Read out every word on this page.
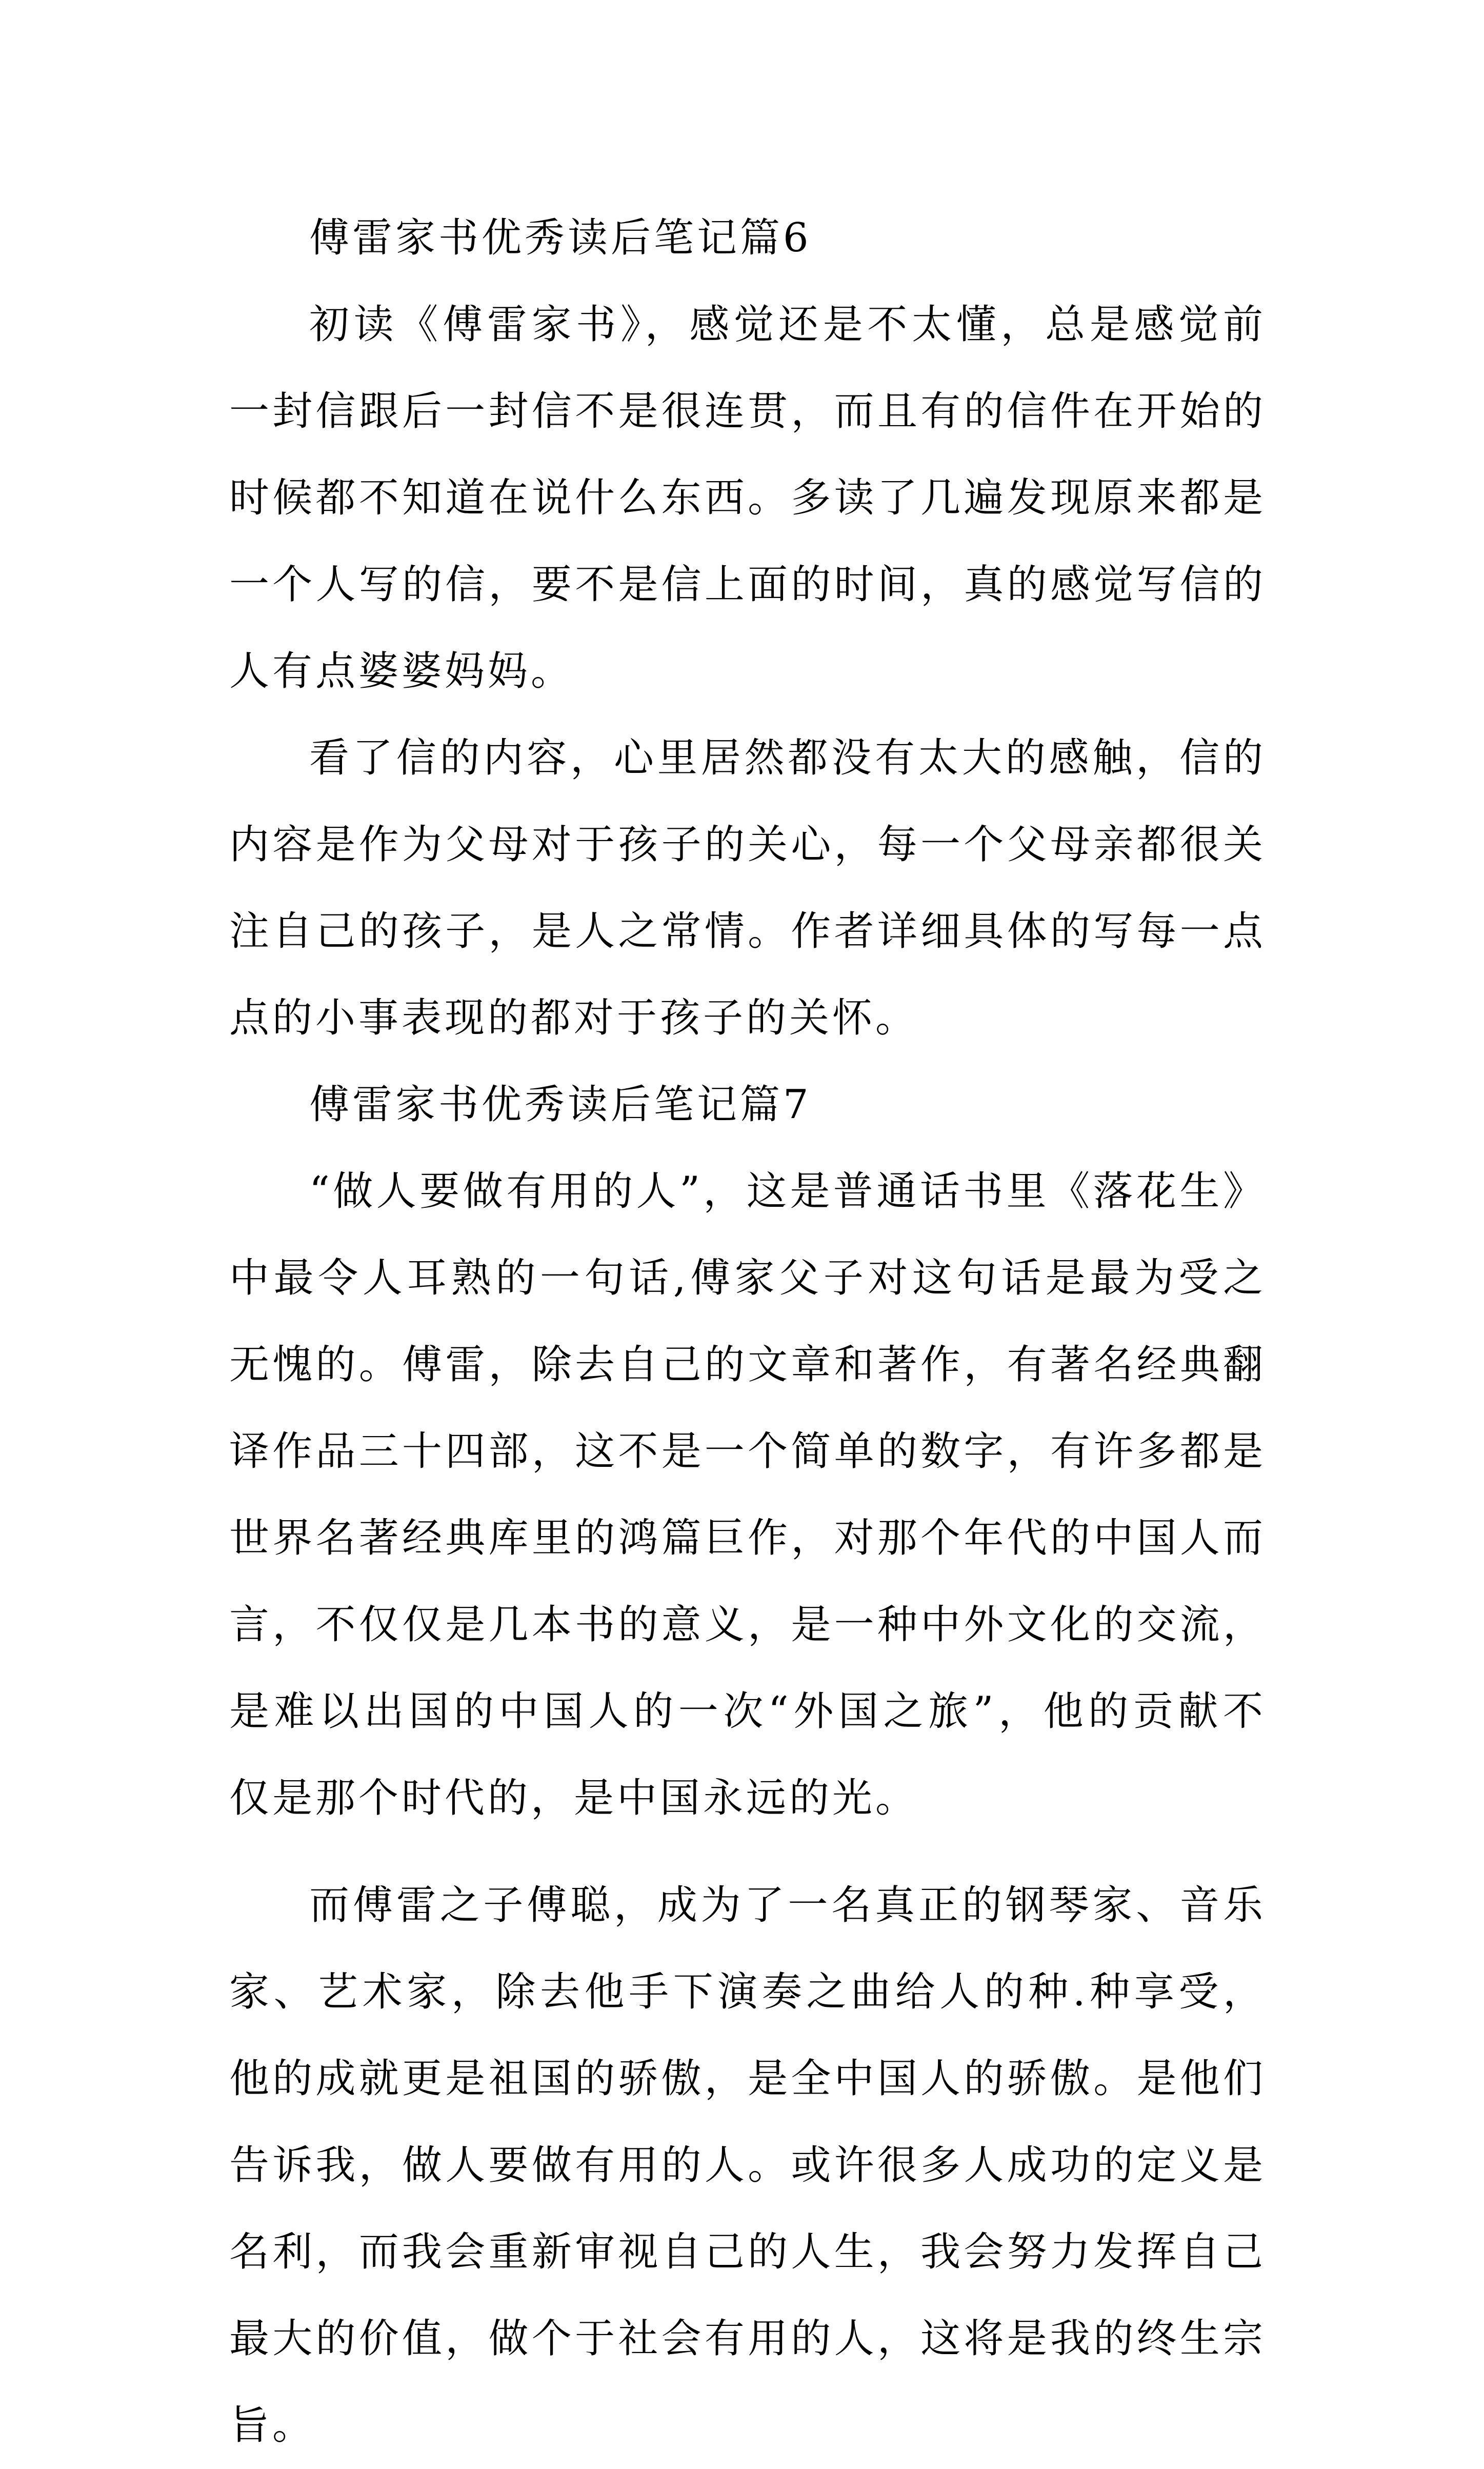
傅雷家书优秀读后笔记篇6

初读《傅雷家书》，感觉还是不太懂，总是感觉前一封信跟后一封信不是很连贯，而且有的信件在开始的时候都不知道在说什么东西。多读了几遍发现原来都是一个人写的信，要不是信上面的时间，真的感觉写信的人有点婆婆妈妈。

看了信的内容，心里居然都没有太大的感触，信的内容是作为父母对于孩子的关心，每一个父母亲都很关注自己的孩子，是人之常情。作者详细具体的写每一点点的小事表现的都对于孩子的关怀。

傅雷家书优秀读后笔记篇7

“做人要做有用的人”，这是普通话书里《落花生》中最令人耳熟的一句话,傅家父子对这句话是最为受之无愧的。傅雷，除去自己的文章和著作，有著名经典翻译作品三十四部，这不是一个简单的数字，有许多都是世界名著经典库里的鸿篇巨作，对那个年代的中国人而言，不仅仅是几本书的意义，是一种中外文化的交流，是难以出国的中国人的一次“外国之旅”，他的贡献不仅是那个时代的，是中国永远的光。

而傅雷之子傅聪，成为了一名真正的钢琴家、音乐家、艺术家，除去他手下演奏之曲给人的种.种享受，他的成就更是祖国的骄傲，是全中国人的骄傲。是他们告诉我，做人要做有用的人。或许很多人成功的定义是名利，而我会重新审视自己的人生，我会努力发挥自己最大的价值，做个于社会有用的人，这将是我的终生宗旨。
